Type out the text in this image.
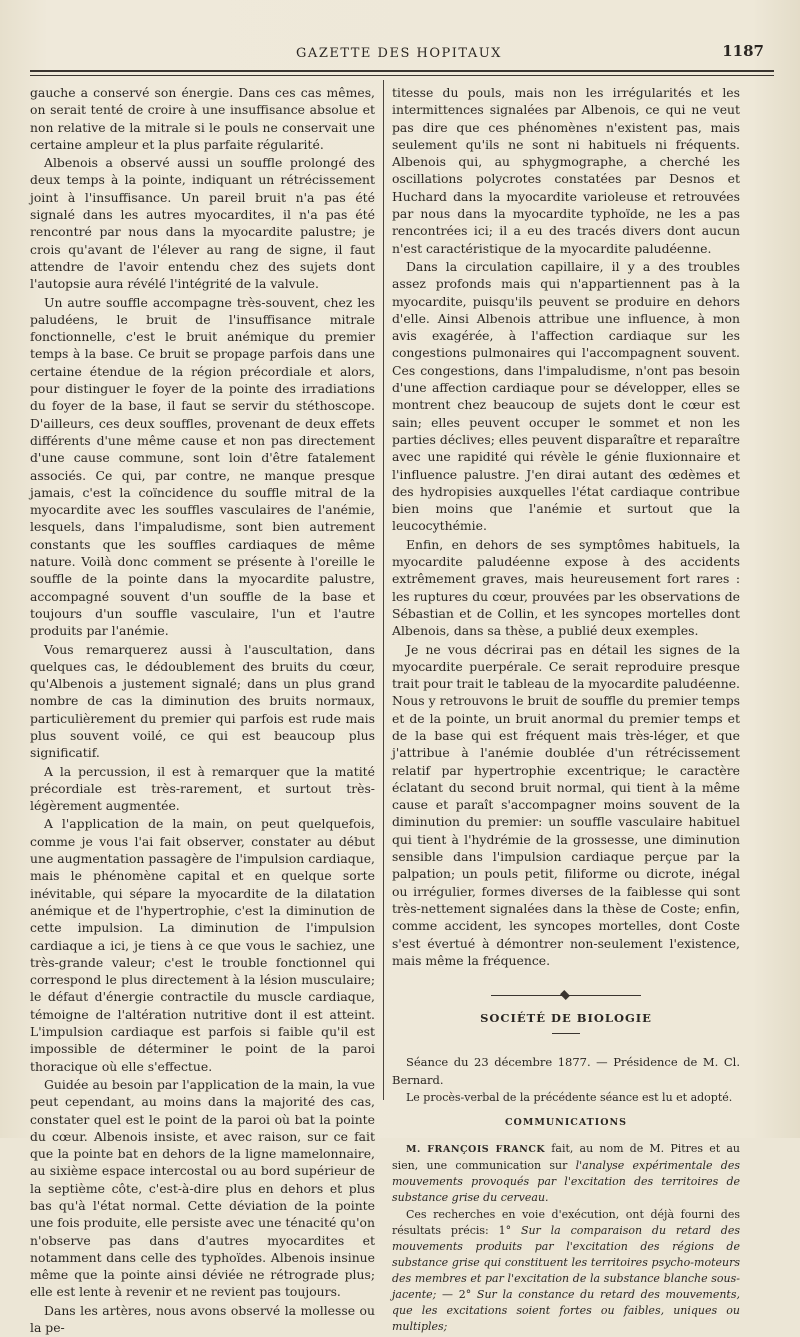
GAZETTE DES HOPITAUX	1187

gauche a conservé son énergie. Dans ces cas mêmes, on serait tenté de croire à une insuffisance absolue et non relative de la mitrale si le pouls ne conservait une certaine ampleur et la plus parfaite régularité.

Albenois a observé aussi un souffle prolongé des deux temps à la pointe, indiquant un rétrécissement joint à l'insuffisance. Un pareil bruit n'a pas été signalé dans les autres myocardites, il n'a pas été rencontré par nous dans la myocardite palustre; je crois qu'avant de l'élever au rang de signe, il faut attendre de l'avoir entendu chez des sujets dont l'autopsie aura révélé l'intégrité de la valvule.

Un autre souffle accompagne très-souvent, chez les paludéens, le bruit de l'insuffisance mitrale fonctionnelle, c'est le bruit anémique du premier temps à la base. Ce bruit se propage parfois dans une certaine étendue de la région précordiale et alors, pour distinguer le foyer de la pointe des irradiations du foyer de la base, il faut se servir du stéthoscope. D'ailleurs, ces deux souffles, provenant de deux effets différents d'une même cause et non pas directement d'une cause commune, sont loin d'être fatalement associés. Ce qui, par contre, ne manque presque jamais, c'est la coïncidence du souffle mitral de la myocardite avec les souffles vasculaires de l'anémie, lesquels, dans l'impaludisme, sont bien autrement constants que les souffles cardiaques de même nature. Voilà donc comment se présente à l'oreille le souffle de la pointe dans la myocardite palustre, accompagné souvent d'un souffle de la base et toujours d'un souffle vasculaire, l'un et l'autre produits par l'anémie.

Vous remarquerez aussi à l'auscultation, dans quelques cas, le dédoublement des bruits du cœur, qu'Albenois a justement signalé; dans un plus grand nombre de cas la diminution des bruits normaux, particulièrement du premier qui parfois est rude mais plus souvent voilé, ce qui est beaucoup plus significatif.

A la percussion, il est à remarquer que la matité précordiale est très-rarement, et surtout très-légèrement augmentée.

A l'application de la main, on peut quelquefois, comme je vous l'ai fait observer, constater au début une augmentation passagère de l'impulsion cardiaque, mais le phénomène capital et en quelque sorte inévitable, qui sépare la myocardite de la dilatation anémique et de l'hypertrophie, c'est la diminution de cette impulsion. La diminution de l'impulsion cardiaque a ici, je tiens à ce que vous le sachiez, une très-grande valeur; c'est le trouble fonctionnel qui correspond le plus directement à la lésion musculaire; le défaut d'énergie contractile du muscle cardiaque, témoigne de l'altération nutritive dont il est atteint. L'impulsion cardiaque est parfois si faible qu'il est impossible de déterminer le point de la paroi thoracique où elle s'effectue.

Guidée au besoin par l'application de la main, la vue peut cependant, au moins dans la majorité des cas, constater quel est le point de la paroi où bat la pointe du cœur. Albenois insiste, et avec raison, sur ce fait que la pointe bat en dehors de la ligne mamelonnaire, au sixième espace intercostal ou au bord supérieur de la septième côte, c'est-à-dire plus en dehors et plus bas qu'à l'état normal. Cette déviation de la pointe une fois produite, elle persiste avec une ténacité qu'on n'observe pas dans d'autres myocardites et notamment dans celle des typhoïdes. Albenois insinue même que la pointe ainsi déviée ne rétrograde plus; elle est lente à revenir et ne revient pas toujours.

Dans les artères, nous avons observé la mollesse ou la pe-

titesse du pouls, mais non les irrégularités et les intermittences signalées par Albenois, ce qui ne veut pas dire que ces phénomènes n'existent pas, mais seulement qu'ils ne sont ni habituels ni fréquents. Albenois qui, au sphygmographe, a cherché les oscillations polycrotes constatées par Desnos et Huchard dans la myocardite varioleuse et retrouvées par nous dans la myocardite typhoïde, ne les a pas rencontrées ici; il a eu des tracés divers dont aucun n'est caractéristique de la myocardite paludéenne.

Dans la circulation capillaire, il y a des troubles assez profonds mais qui n'appartiennent pas à la myocardite, puisqu'ils peuvent se produire en dehors d'elle. Ainsi Albenois attribue une influence, à mon avis exagérée, à l'affection cardiaque sur les congestions pulmonaires qui l'accompagnent souvent. Ces congestions, dans l'impaludisme, n'ont pas besoin d'une affection cardiaque pour se développer, elles se montrent chez beaucoup de sujets dont le cœur est sain; elles peuvent occuper le sommet et non les parties déclives; elles peuvent disparaître et reparaître avec une rapidité qui révèle le génie fluxionnaire et l'influence palustre. J'en dirai autant des œdèmes et des hydropisies auxquelles l'état cardiaque contribue bien moins que l'anémie et surtout que la leucocythémie.

Enfin, en dehors de ses symptômes habituels, la myocardite paludéenne expose à des accidents extrêmement graves, mais heureusement fort rares : les ruptures du cœur, prouvées par les observations de Sébastian et de Collin, et les syncopes mortelles dont Albenois, dans sa thèse, a publié deux exemples.

Je ne vous décrirai pas en détail les signes de la myocardite puerpérale. Ce serait reproduire presque trait pour trait le tableau de la myocardite paludéenne. Nous y retrouvons le bruit de souffle du premier temps et de la pointe, un bruit anormal du premier temps et de la base qui est fréquent mais très-léger, et que j'attribue à l'anémie doublée d'un rétrécissement relatif par hypertrophie excentrique; le caractère éclatant du second bruit normal, qui tient à la même cause et paraît s'accompagner moins souvent de la diminution du premier: un souffle vasculaire habituel qui tient à l'hydrémie de la grossesse, une diminution sensible dans l'impulsion cardiaque perçue par la palpation; un pouls petit, filiforme ou dicrote, inégal ou irrégulier, formes diverses de la faiblesse qui sont très-nettement signalées dans la thèse de Coste; enfin, comme accident, les syncopes mortelles, dont Coste s'est évertué à démontrer non-seulement l'existence, mais même la fréquence.

SOCIÉTÉ DE BIOLOGIE

Séance du 23 décembre 1877. — Présidence de M. Cl. Bernard.

Le procès-verbal de la précédente séance est lu et adopté.

COMMUNICATIONS

M. FRANÇOIS FRANCK fait, au nom de M. Pitres et au sien, une communication sur l'analyse expérimentale des mouvements provoqués par l'excitation des territoires de substance grise du cerveau.

Ces recherches en voie d'exécution, ont déjà fourni des résultats précis: 1° Sur la comparaison du retard des mouvements produits par l'excitation des régions de substance grise qui constituent les territoires psycho-moteurs des membres et par l'excitation de la substance blanche sous-jacente; — 2° Sur la constance du retard des mouvements, que les excitations soient fortes ou faibles, uniques ou multiples;
